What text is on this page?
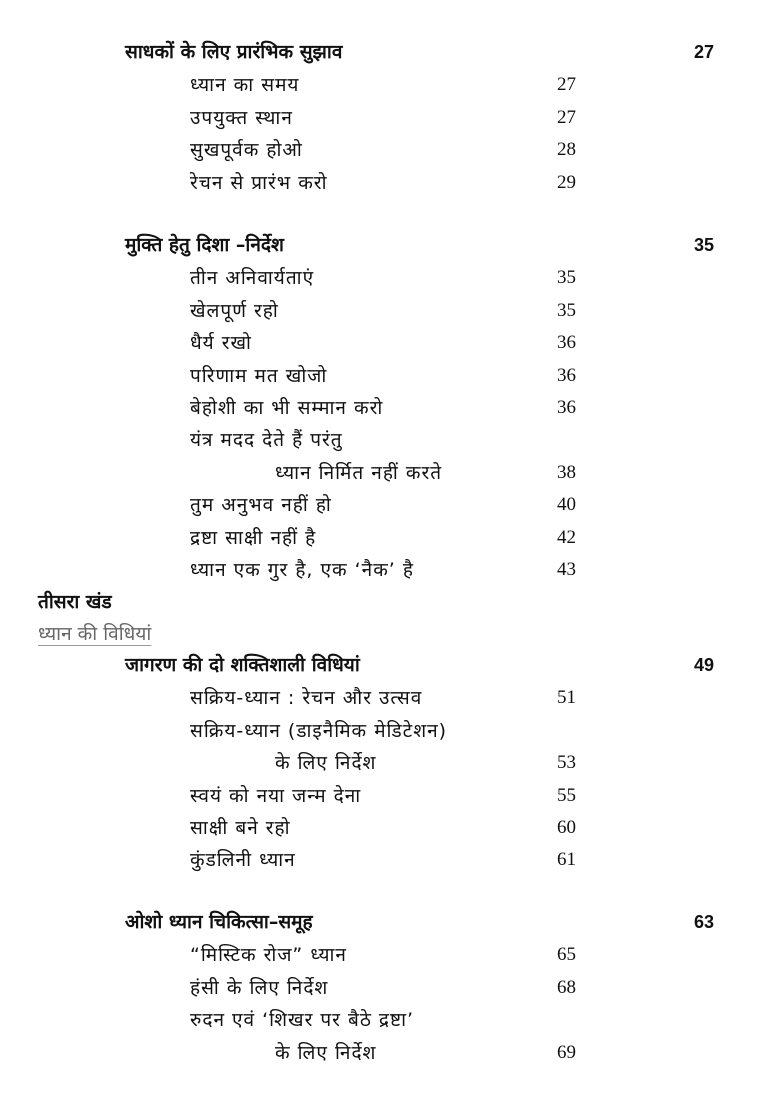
साधकों के लिए प्रारंभिक सुझाव	27
ध्यान का समय	27
उपयुक्त स्थान	27
सुखपूर्वक होओ	28
रेचन से प्रारंभ करो	29
मुक्ति हेतु दिशा –निर्देश	35
तीन अनिवार्यताएं	35
खेलपूर्ण रहो	35
धैर्य रखो	36
परिणाम मत खोजो	36
बेहोशी का भी सम्मान करो	36
यंत्र मदद देते हैं परंतु
ध्यान निर्मित नहीं करते	38
तुम अनुभव नहीं हो	40
द्रष्टा साक्षी नहीं है	42
ध्यान एक गुर है, एक ‘नैक’ है	43
तीसरा खंड
ध्यान की विधियां
जागरण की दो शक्तिशाली विधियां	49
सक्रिय-ध्यान : रेचन और उत्सव	51
सक्रिय-ध्यान (डाइनैमिक मेडिटेशन)
के लिए निर्देश	53
स्वयं को नया जन्म देना	55
साक्षी बने रहो	60
कुंडलिनी ध्यान	61
ओशो ध्यान चिकित्सा–समूह	63
“मिस्टिक रोज” ध्यान	65
हंसी के लिए निर्देश	68
रुदन एवं ‘शिखर पर बैठे द्रष्टा’
के लिए निर्देश	69
